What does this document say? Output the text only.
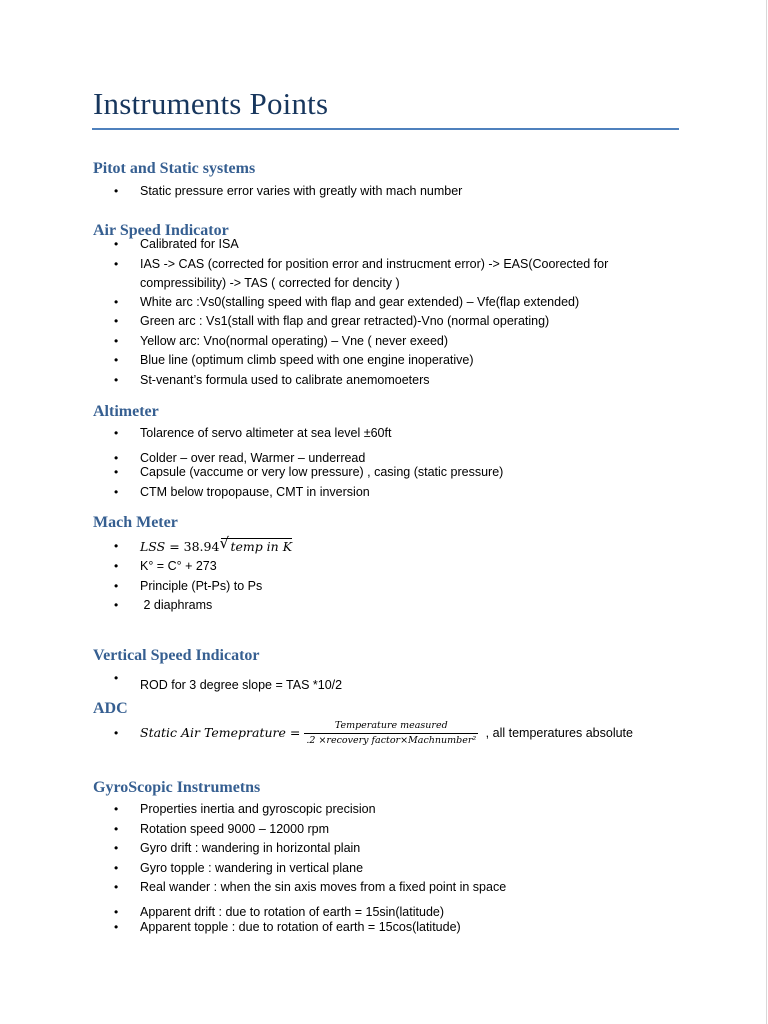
Instruments Points
Pitot and Static systems
•	Static pressure error varies with greatly with mach number
Air Speed Indicator
•	Calibrated for ISA
•	IAS -> CAS (corrected for position error and instrucment error) -> EAS(Coorected for compressibility) -> TAS ( corrected for dencity )
•	White arc :Vs0(stalling speed with flap and gear extended) – Vfe(flap extended)
•	Green arc : Vs1(stall with flap and grear retracted)-Vno (normal operating)
•	Yellow arc: Vno(normal operating) – Vne ( never exeed)
•	Blue line (optimum climb speed with one engine inoperative)
•	St-venant’s formula used to calibrate anemomoeters
Altimeter
•	Tolarence of servo altimeter at sea level ±60ft
•	Colder – over read, Warmer – underread
•	Capsule (vaccume or very low pressure) , casing (static pressure)
•	CTM below tropopause, CMT in inversion
Mach Meter
•	LSS = 38.94√ temp in K
•	K° = C° + 273
•	Principle (Pt-Ps) to Ps
•	2 diaphrams
Vertical Speed Indicator
•	ROD for 3 degree slope = TAS *10/2
ADC
•	Static Air Temeprature = $\frac{\text{Temperature measured}}{\text{.2 ×recovery factor×Machnumber²}}$ , all temperatures absolute
GyroScopic Instrumetns
•	Properties inertia and gyroscopic precision
•	Rotation speed 9000 – 12000 rpm
•	Gyro drift : wandering in horizontal plain
•	Gyro topple : wandering in vertical plane
•	Real wander : when the sin axis moves from a fixed point in space
•	Apparent drift : due to rotation of earth = 15sin(latitude)
•	Apparent topple : due to rotation of earth = 15cos(latitude)
